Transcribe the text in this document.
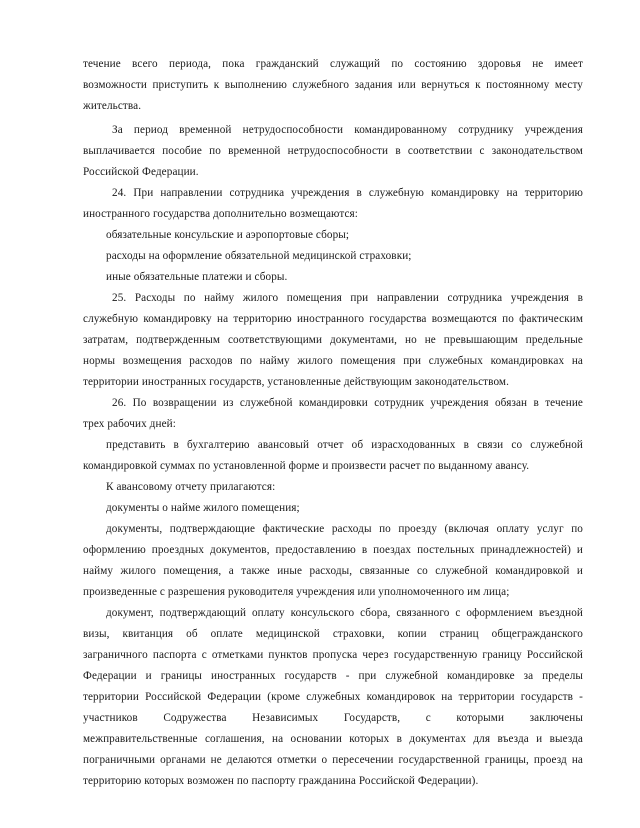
течение всего периода, пока гражданский служащий по состоянию здоровья не имеет
возможности приступить к выполнению служебного задания или вернуться к постоянному месту
жительства.
За период временной нетрудоспособности командированному сотруднику учреждения
выплачивается пособие по временной нетрудоспособности в соответствии с законодательством
Российской Федерации.
24. При направлении сотрудника учреждения в служебную командировку на территорию
иностранного государства дополнительно возмещаются:
обязательные консульские и аэропортовые сборы;
расходы на оформление обязательной медицинской страховки;
иные обязательные платежи и сборы.
25. Расходы по найму жилого помещения при направлении сотрудника учреждения в
служебную командировку на территорию иностранного государства возмещаются по фактическим
затратам, подтвержденным соответствующими документами, но не превышающим предельные
нормы возмещения расходов по найму жилого помещения при служебных командировках на
территории иностранных государств, установленные действующим законодательством.
26. По возвращении из служебной командировки сотрудник учреждения обязан в течение
трех рабочих дней:
представить в бухгалтерию авансовый отчет об израсходованных в связи со служебной
командировкой суммах по установленной форме и произвести расчет по выданному авансу.
К авансовому отчету прилагаются:
документы о найме жилого помещения;
документы, подтверждающие фактические расходы по проезду (включая оплату услуг по
оформлению проездных документов, предоставлению в поездах постельных принадлежностей) и
найму жилого помещения, а также иные расходы, связанные со служебной командировкой и
произведенные с разрешения руководителя учреждения или уполномоченного им лица;
документ, подтверждающий оплату консульского сбора, связанного с оформлением въездной
визы, квитанция об оплате медицинской страховки, копии страниц общегражданского
заграничного паспорта с отметками пунктов пропуска через государственную границу Российской
Федерации и границы иностранных государств - при служебной командировке за пределы
территории Российской Федерации (кроме служебных командировок на территории государств -
участников Содружества Независимых Государств, с которыми заключены
межправительственные соглашения, на основании которых в документах для въезда и выезда
пограничными органами не делаются отметки о пересечении государственной границы, проезд на
территорию которых возможен по паспорту гражданина Российской Федерации).
